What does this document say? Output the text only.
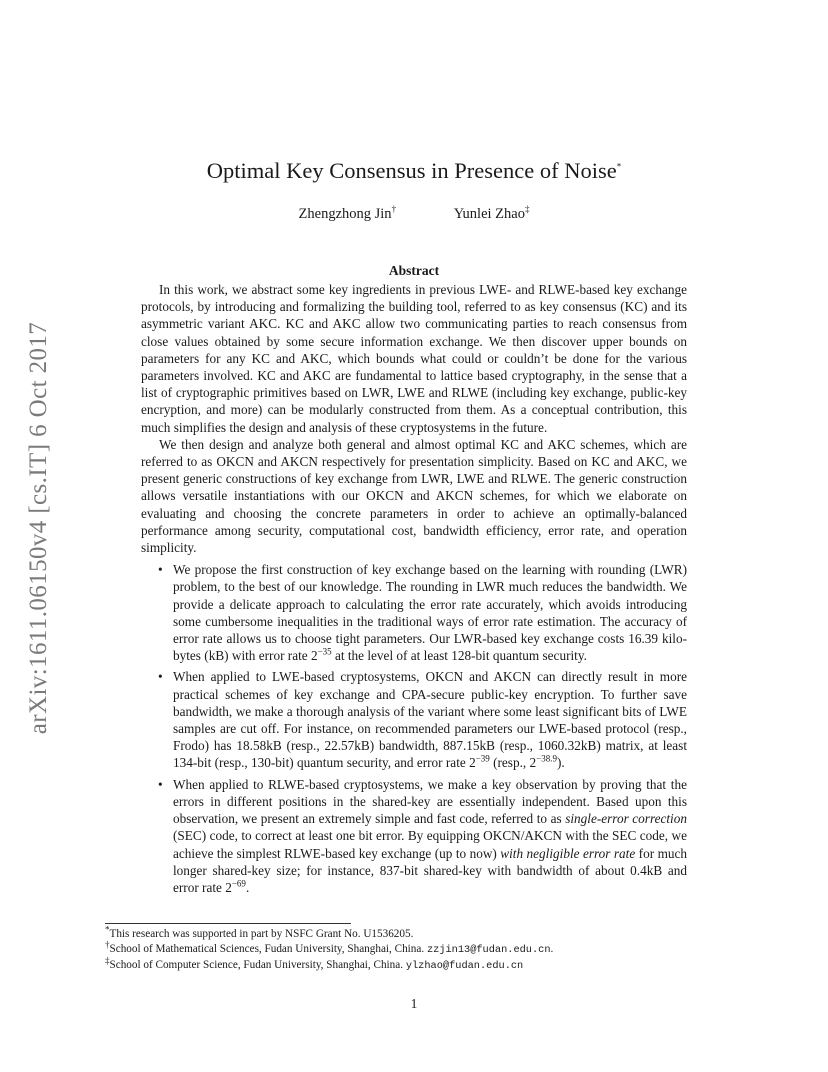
arXiv:1611.06150v4 [cs.IT] 6 Oct 2017
Optimal Key Consensus in Presence of Noise*
Zhengzhong Jin†	Yunlei Zhao‡
Abstract

In this work, we abstract some key ingredients in previous LWE- and RLWE-based key exchange protocols, by introducing and formalizing the building tool, referred to as key consensus (KC) and its asymmetric variant AKC. KC and AKC allow two communicating parties to reach consensus from close values obtained by some secure information exchange. We then discover upper bounds on parameters for any KC and AKC, which bounds what could or couldn’t be done for the various parameters involved. KC and AKC are fundamental to lattice based cryptography, in the sense that a list of cryptographic primitives based on LWR, LWE and RLWE (including key exchange, public-key encryption, and more) can be modularly constructed from them. As a conceptual contribution, this much simplifies the design and analysis of these cryptosystems in the future.

We then design and analyze both general and almost optimal KC and AKC schemes, which are referred to as OKCN and AKCN respectively for presentation simplicity. Based on KC and AKC, we present generic constructions of key exchange from LWR, LWE and RLWE. The generic construction allows versatile instantiations with our OKCN and AKCN schemes, for which we elaborate on evaluating and choosing the concrete parameters in order to achieve an optimally-balanced performance among security, computational cost, bandwidth efficiency, error rate, and operation simplicity.

• We propose the first construction of key exchange based on the learning with rounding (LWR) problem, to the best of our knowledge. The rounding in LWR much reduces the bandwidth. We provide a delicate approach to calculating the error rate accurately, which avoids introducing some cumbersome inequalities in the traditional ways of error rate estimation. The accuracy of error rate allows us to choose tight parameters. Our LWR-based key exchange costs 16.39 kilo-bytes (kB) with error rate $2^{-35}$ at the level of at least 128-bit quantum security.
• When applied to LWE-based cryptosystems, OKCN and AKCN can directly result in more practical schemes of key exchange and CPA-secure public-key encryption. To further save bandwidth, we make a thorough analysis of the variant where some least significant bits of LWE samples are cut off. For instance, on recommended parameters our LWE-based protocol (resp., Frodo) has 18.58kB (resp., 22.57kB) bandwidth, 887.15kB (resp., 1060.32kB) matrix, at least 134-bit (resp., 130-bit) quantum security, and error rate $2^{-39}$ (resp., $2^{-38.9}$).
• When applied to RLWE-based cryptosystems, we make a key observation by proving that the errors in different positions in the shared-key are essentially independent. Based upon this observation, we present an extremely simple and fast code, referred to as single-error correction (SEC) code, to correct at least one bit error. By equipping OKCN/AKCN with the SEC code, we achieve the simplest RLWE-based key exchange (up to now) with negligible error rate for much longer shared-key size; for instance, 837-bit shared-key with bandwidth of about 0.4kB and error rate $2^{-69}$.
*This research was supported in part by NSFC Grant No. U1536205.
†School of Mathematical Sciences, Fudan University, Shanghai, China. zzjin13@fudan.edu.cn.
‡School of Computer Science, Fudan University, Shanghai, China. ylzhao@fudan.edu.cn
1
